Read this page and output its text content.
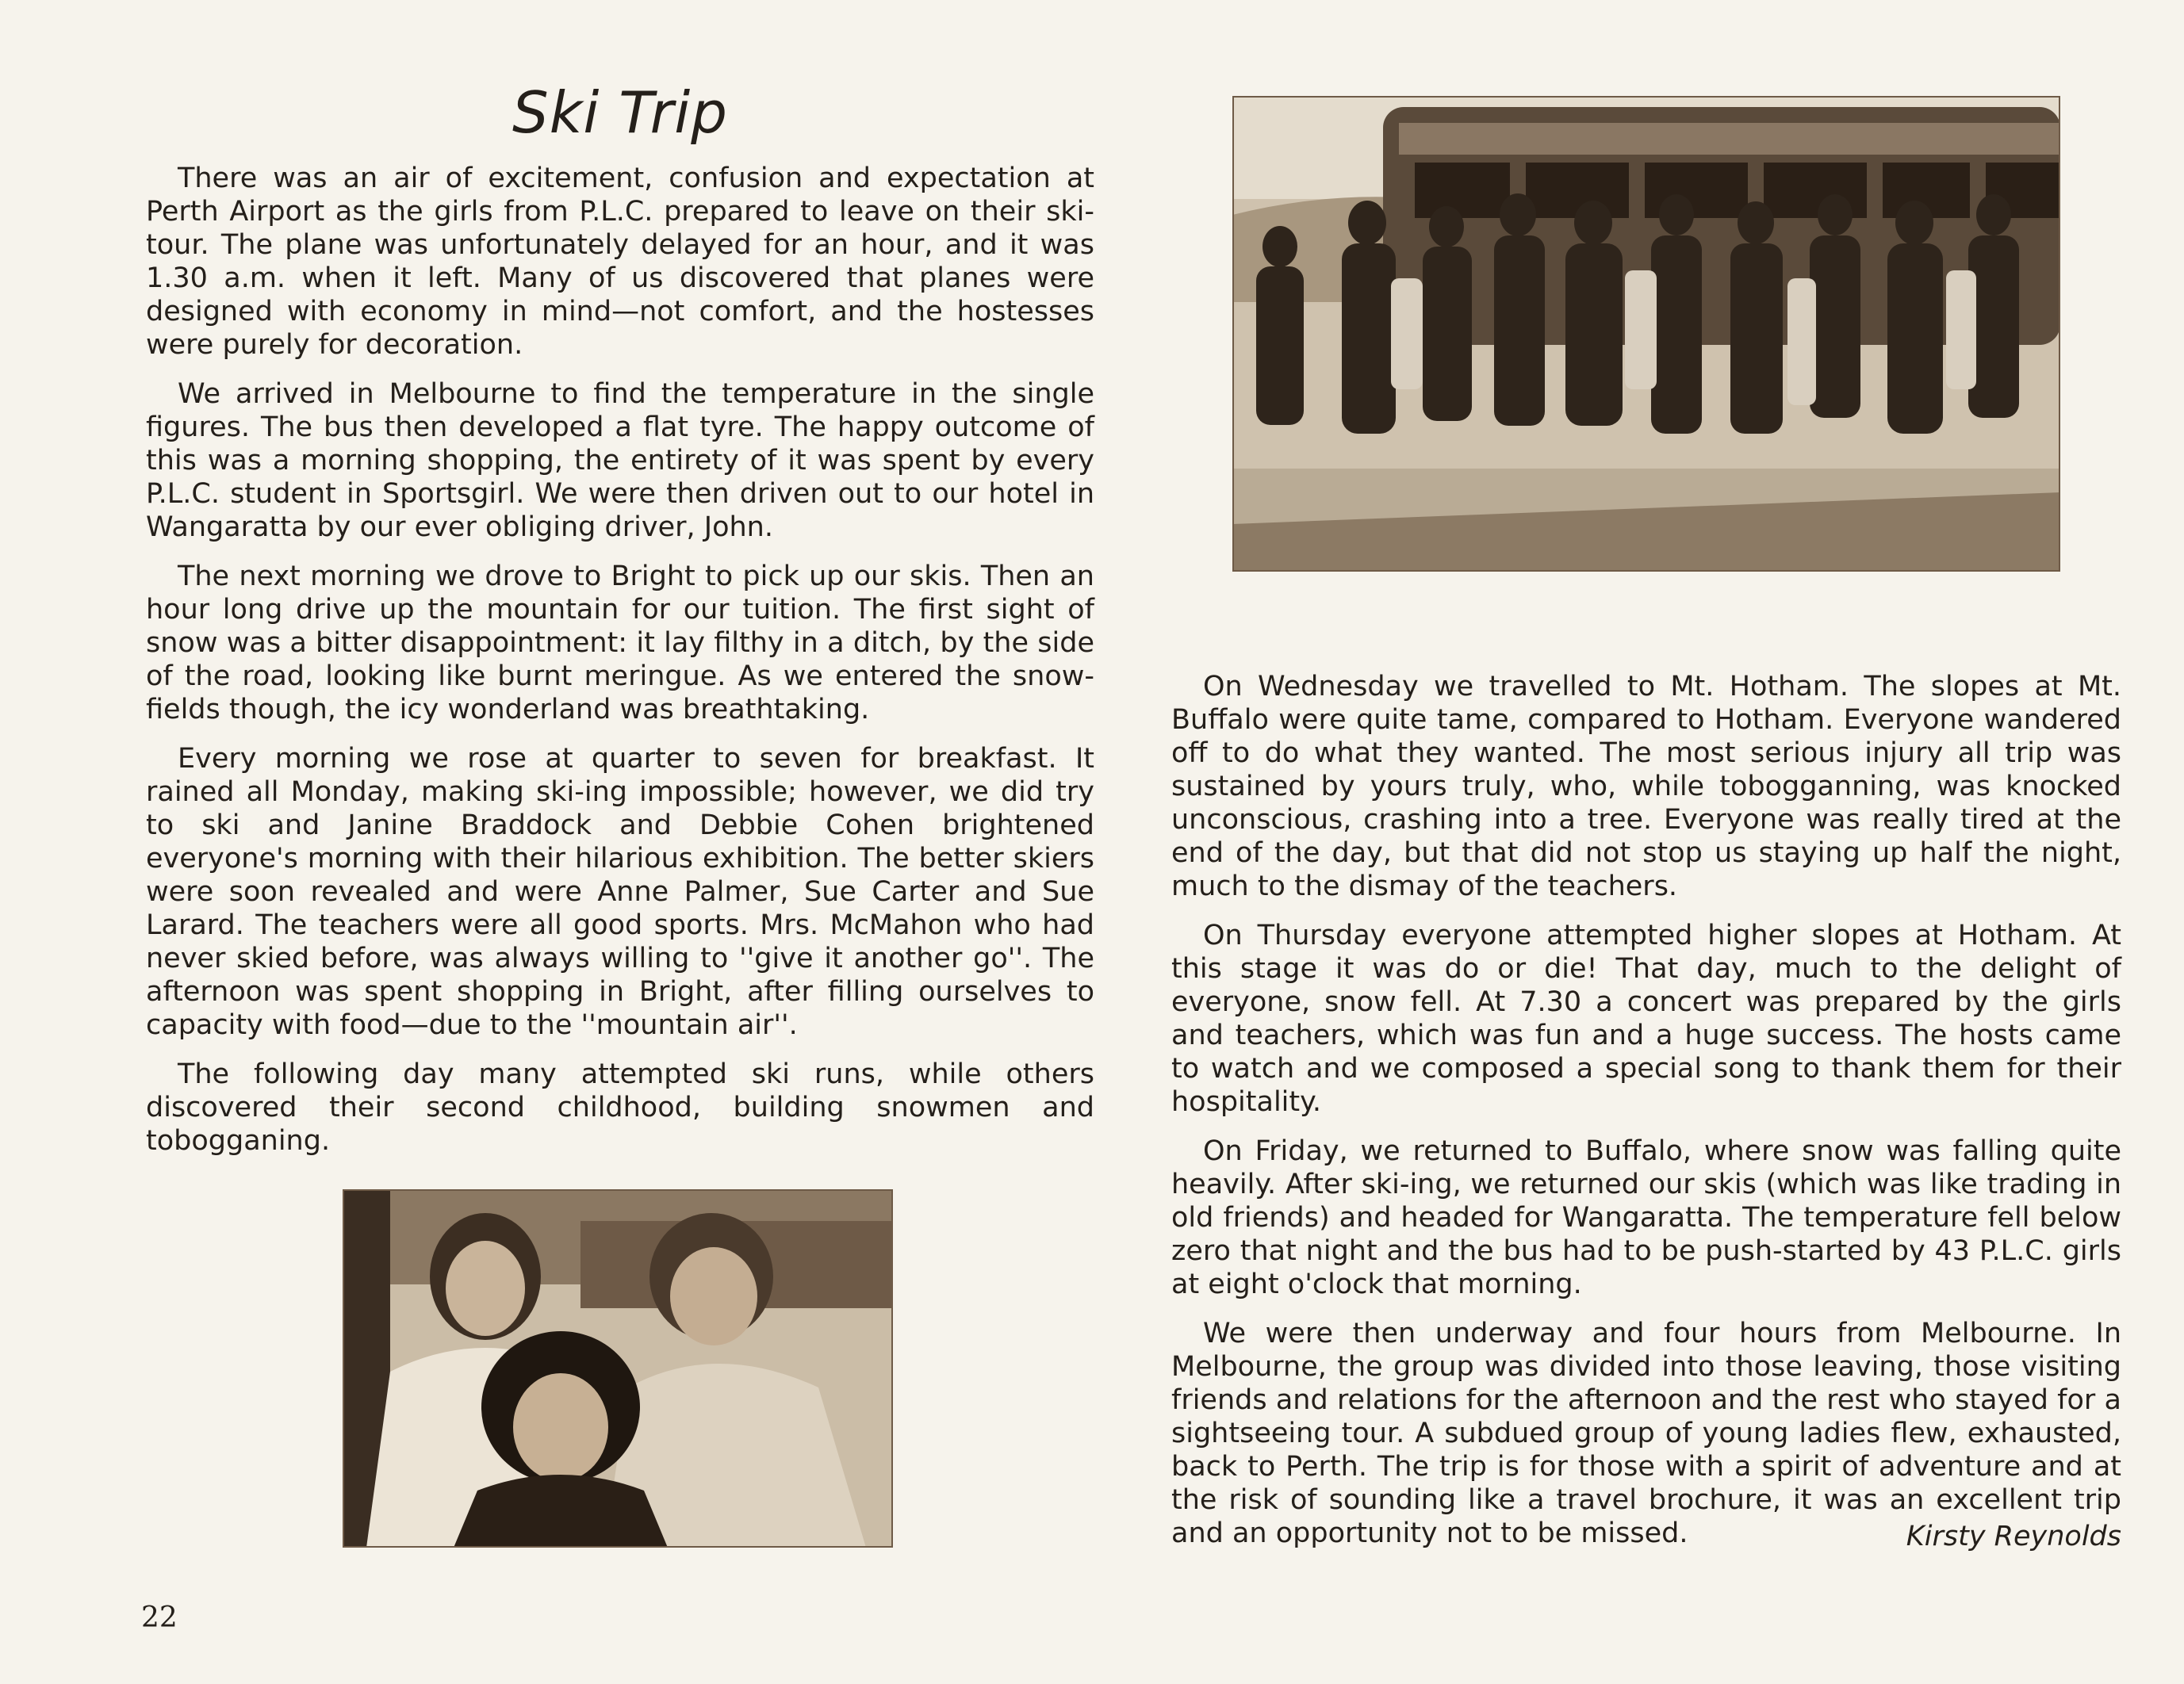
Ski Trip

There was an air of excitement, confusion and expectation at Perth Airport as the girls from P.L.C. prepared to leave on their ski-tour. The plane was unfortunately delayed for an hour, and it was 1.30 a.m. when it left. Many of us discovered that planes were designed with economy in mind—not comfort, and the hostesses were purely for decoration.

We arrived in Melbourne to find the temperature in the single figures. The bus then developed a flat tyre. The happy outcome of this was a morning shopping, the entirety of it was spent by every P.L.C. student in Sportsgirl. We were then driven out to our hotel in Wangaratta by our ever obliging driver, John.

The next morning we drove to Bright to pick up our skis. Then an hour long drive up the mountain for our tuition. The first sight of snow was a bitter disappointment: it lay filthy in a ditch, by the side of the road, looking like burnt meringue. As we entered the snow-fields though, the icy wonderland was breathtaking.

Every morning we rose at quarter to seven for breakfast. It rained all Monday, making ski-ing impossible; however, we did try to ski and Janine Braddock and Debbie Cohen brightened everyone's morning with their hilarious exhibition. The better skiers were soon revealed and were Anne Palmer, Sue Carter and Sue Larard. The teachers were all good sports. Mrs. McMahon who had never skied before, was always willing to ''give it another go''. The afternoon was spent shopping in Bright, after filling ourselves to capacity with food—due to the ''mountain air''.

The following day many attempted ski runs, while others discovered their second childhood, building snowmen and tobogganing.

On Wednesday we travelled to Mt. Hotham. The slopes at Mt. Buffalo were quite tame, compared to Hotham. Everyone wandered off to do what they wanted. The most serious injury all trip was sustained by yours truly, who, while tobogganning, was knocked unconscious, crashing into a tree. Everyone was really tired at the end of the day, but that did not stop us staying up half the night, much to the dismay of the teachers.

On Thursday everyone attempted higher slopes at Hotham. At this stage it was do or die! That day, much to the delight of everyone, snow fell. At 7.30 a concert was prepared by the girls and teachers, which was fun and a huge success. The hosts came to watch and we composed a special song to thank them for their hospitality.

On Friday, we returned to Buffalo, where snow was falling quite heavily. After ski-ing, we returned our skis (which was like trading in old friends) and headed for Wangaratta. The temperature fell below zero that night and the bus had to be push-started by 43 P.L.C. girls at eight o'clock that morning.

We were then underway and four hours from Melbourne. In Melbourne, the group was divided into those leaving, those visiting friends and relations for the afternoon and the rest who stayed for a sightseeing tour. A subdued group of young ladies flew, exhausted, back to Perth. The trip is for those with a spirit of adventure and at the risk of sounding like a travel brochure, it was an excellent trip and an opportunity not to be missed.	Kirsty Reynolds
22
